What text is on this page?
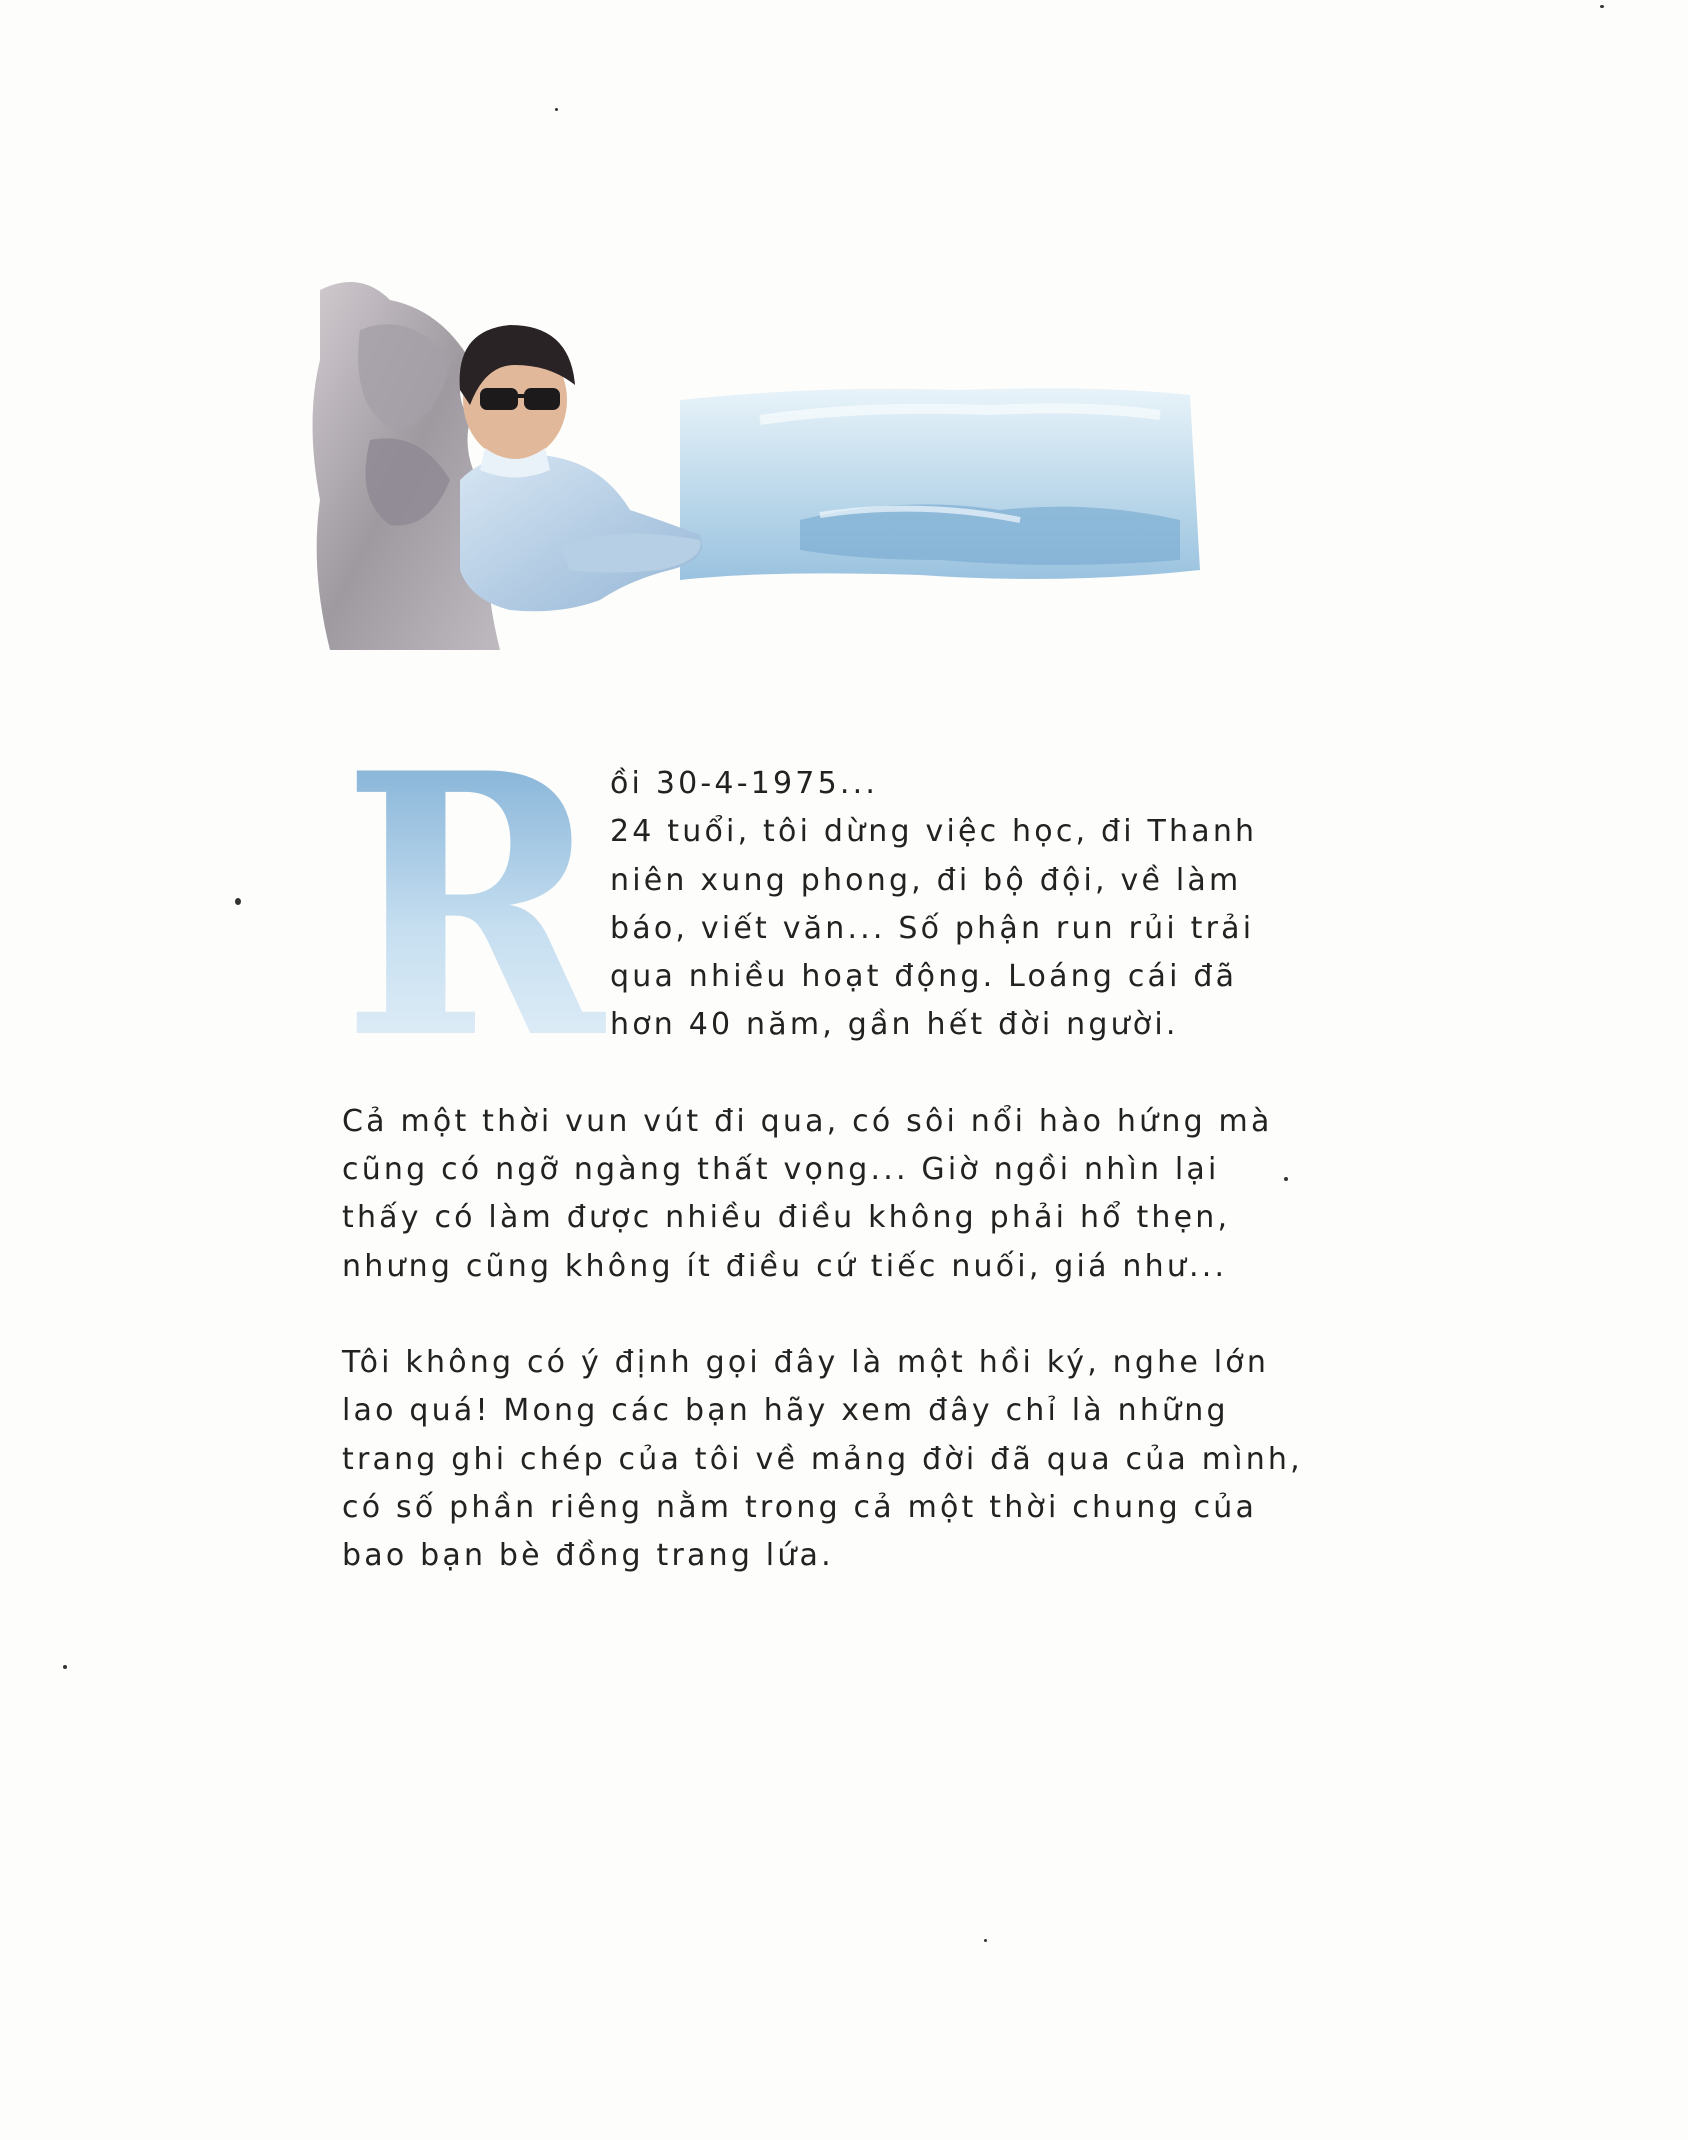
R ồi 30-4-1975...
24 tuổi, tôi dừng việc học, đi Thanh
niên xung phong, đi bộ đội, về làm
báo, viết văn... Số phận run rủi trải
qua nhiều hoạt động. Loáng cái đã
hơn 40 năm, gần hết đời người.
Cả một thời vun vút đi qua, có sôi nổi hào hứng mà
cũng có ngỡ ngàng thất vọng... Giờ ngồi nhìn lại
thấy có làm được nhiều điều không phải hổ thẹn,
nhưng cũng không ít điều cứ tiếc nuối, giá như...
Tôi không có ý định gọi đây là một hồi ký, nghe lớn
lao quá! Mong các bạn hãy xem đây chỉ là những
trang ghi chép của tôi về mảng đời đã qua của mình,
có số phần riêng nằm trong cả một thời chung của
bao bạn bè đồng trang lứa.
